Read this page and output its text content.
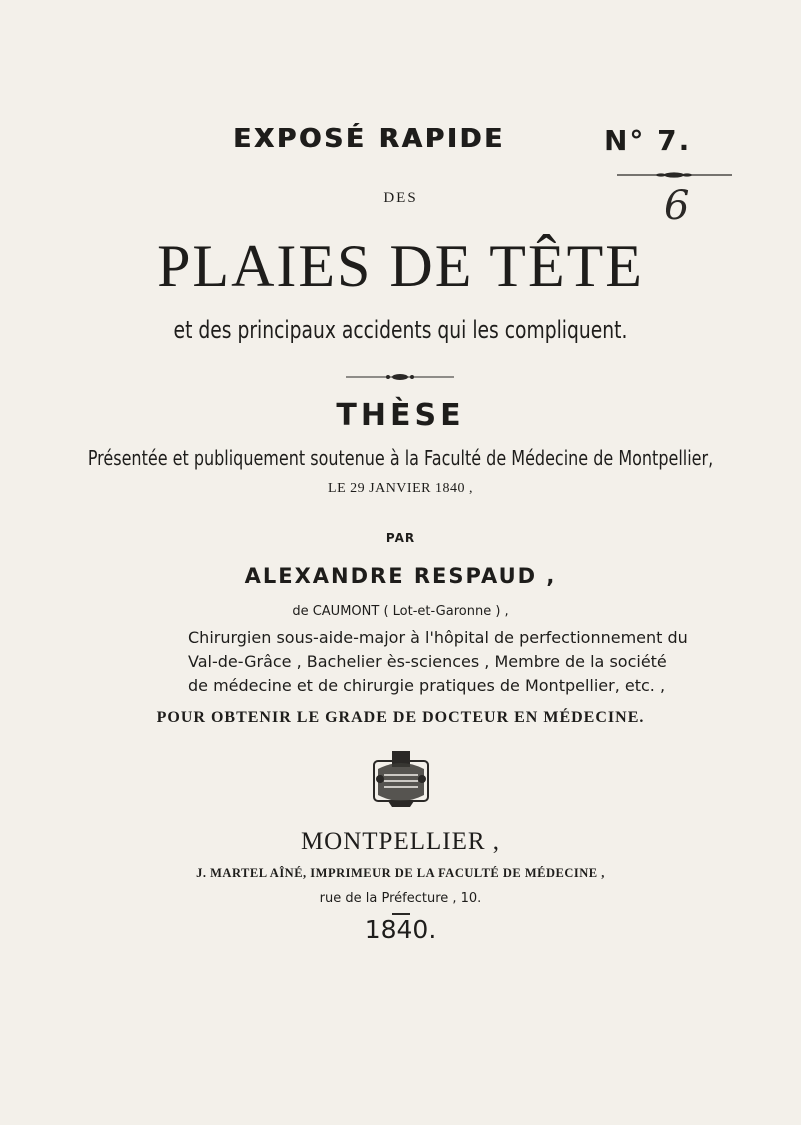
EXPOSÉ RAPIDE	N° 7.
6
DES
PLAIES DE TÊTE
et des principaux accidents qui les compliquent.
THÈSE
Présentée et publiquement soutenue à la Faculté de Médecine de Montpellier,
LE 29 JANVIER 1840 ,
PAR
ALEXANDRE RESPAUD ,
de CAUMONT ( Lot-et-Garonne ) ,
Chirurgien sous-aide-major à l'hôpital de perfectionnement du
Val-de-Grâce , Bachelier ès-sciences , Membre de la société
de médecine et de chirurgie pratiques de Montpellier, etc. ,
POUR OBTENIR LE GRADE DE DOCTEUR EN MÉDECINE.
MONTPELLIER ,
J. MARTEL AÎNÉ, IMPRIMEUR DE LA FACULTÉ DE MÉDECINE ,
rue de la Préfecture , 10.
1840.
